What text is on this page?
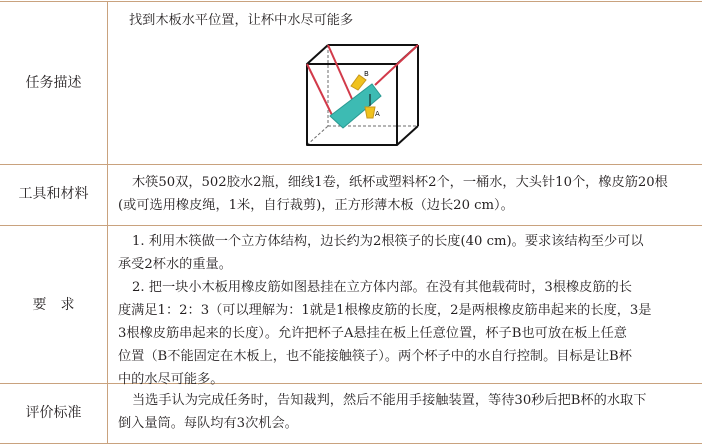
任务描述
找到木板水平位置，让杯中水尽可能多
B
A
工具和材料

木筷50双，502胶水2瓶，细线1卷，纸杯或塑料杯2个，一桶水，大头针10个，橡皮筋20根

(或可选用橡皮绳，1米，自行裁剪)，正方形薄木板（边长20 cm）。

要　求

1. 利用木筷做一个立方体结构，边长约为2根筷子的长度(40 cm)。要求该结构至少可以

承受2杯水的重量。

2. 把一块小木板用橡皮筋如图悬挂在立方体内部。在没有其他载荷时，3根橡皮筋的长

度满足1：2：3（可以理解为：1就是1根橡皮筋的长度，2是两根橡皮筋串起来的长度，3是

3根橡皮筋串起来的长度）。允许把杯子A悬挂在板上任意位置，杯子B也可放在板上任意

位置（B不能固定在木板上，也不能接触筷子）。两个杯子中的水自行控制。目标是让B杯

中的水尽可能多。

评价标准

当选手认为完成任务时，告知裁判，然后不能用手接触装置，等待30秒后把B杯的水取下

倒入量筒。每队均有3次机会。
